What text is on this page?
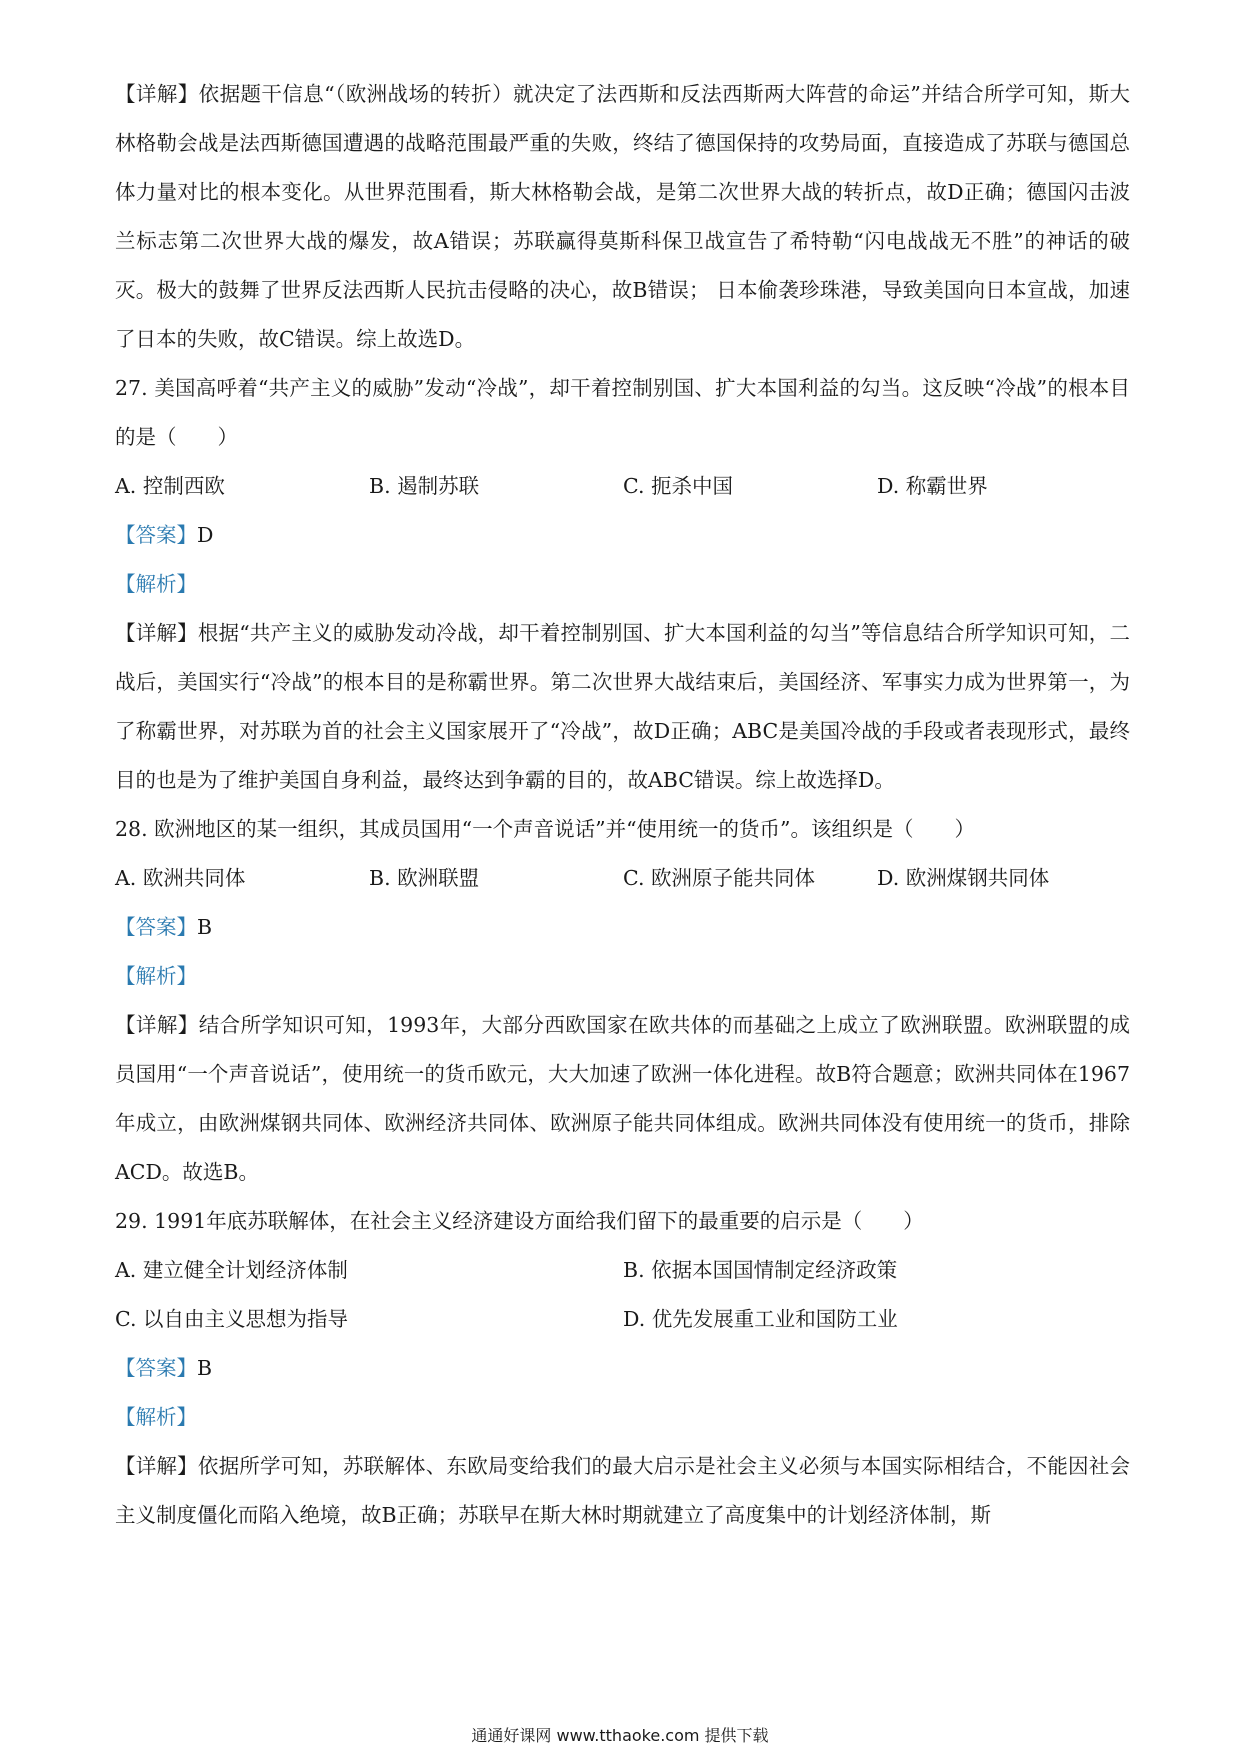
【详解】依据题干信息“（欧洲战场的转折）就决定了法西斯和反法西斯两大阵营的命运”并结合所学可知，斯大林格勒会战是法西斯德国遭遇的战略范围最严重的失败，终结了德国保持的攻势局面，直接造成了苏联与德国总体力量对比的根本变化。从世界范围看，斯大林格勒会战，是第二次世界大战的转折点，故D正确；德国闪击波兰标志第二次世界大战的爆发，故A错误；苏联赢得莫斯科保卫战宣告了希特勒“闪电战战无不胜”的神话的破灭。极大的鼓舞了世界反法西斯人民抗击侵略的决心，故B错误； 日本偷袭珍珠港，导致美国向日本宣战，加速了日本的失败，故C错误。综上故选D。

27. 美国高呼着“共产主义的威胁”发动“冷战”，却干着控制别国、扩大本国利益的勾当。这反映“冷战”的根本目的是（　　）

A. 控制西欧	B. 遏制苏联	C. 扼杀中国	D. 称霸世界

【答案】D

【解析】

【详解】根据“共产主义的威胁发动冷战，却干着控制别国、扩大本国利益的勾当”等信息结合所学知识可知，二战后，美国实行“冷战”的根本目的是称霸世界。第二次世界大战结束后，美国经济、军事实力成为世界第一，为了称霸世界，对苏联为首的社会主义国家展开了“冷战”，故D正确；ABC是美国冷战的手段或者表现形式，最终目的也是为了维护美国自身利益，最终达到争霸的目的，故ABC错误。综上故选择D。

28. 欧洲地区的某一组织，其成员国用“一个声音说话”并“使用统一的货币”。该组织是（　　）

A. 欧洲共同体	B. 欧洲联盟	C. 欧洲原子能共同体	D. 欧洲煤钢共同体

【答案】B

【解析】

【详解】结合所学知识可知，1993年，大部分西欧国家在欧共体的而基础之上成立了欧洲联盟。欧洲联盟的成员国用“一个声音说话”，使用统一的货币欧元，大大加速了欧洲一体化进程。故B符合题意；欧洲共同体在1967年成立，由欧洲煤钢共同体、欧洲经济共同体、欧洲原子能共同体组成。欧洲共同体没有使用统一的货币，排除ACD。故选B。

29. 1991年底苏联解体，在社会主义经济建设方面给我们留下的最重要的启示是（　　）

A. 建立健全计划经济体制	B. 依据本国国情制定经济政策
C. 以自由主义思想为指导	D. 优先发展重工业和国防工业

【答案】B

【解析】

【详解】依据所学可知，苏联解体、东欧局变给我们的最大启示是社会主义必须与本国实际相结合，不能因社会主义制度僵化而陷入绝境，故B正确；苏联早在斯大林时期就建立了高度集中的计划经济体制，斯

通通好课网 www.tthaoke.com 提供下载
